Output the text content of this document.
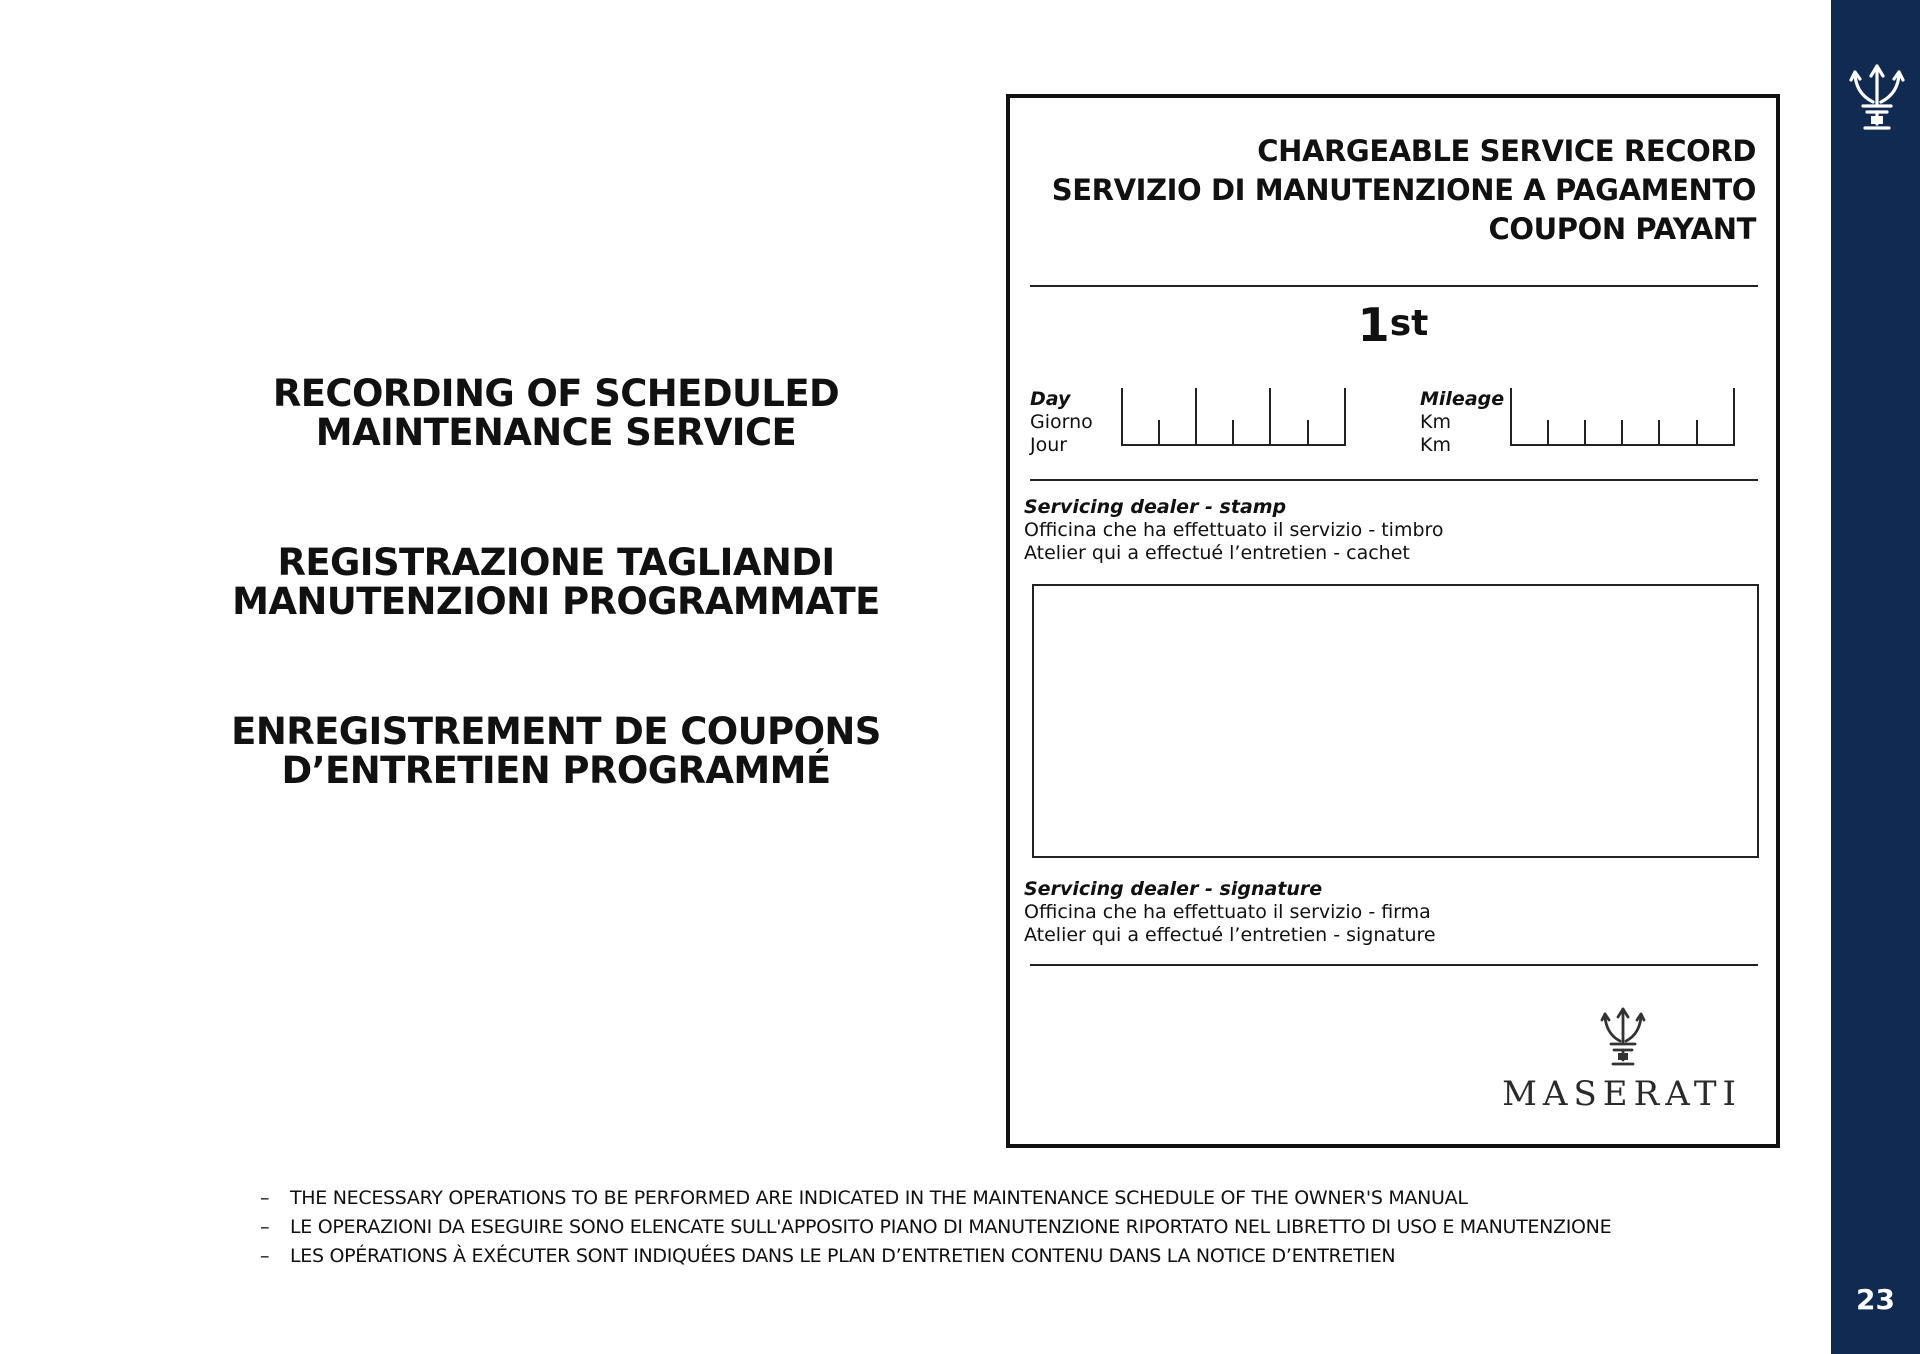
23
RECORDING OF SCHEDULED
MAINTENANCE SERVICE
REGISTRAZIONE TAGLIANDI
MANUTENZIONI PROGRAMMATE
ENREGISTREMENT DE COUPONS
D’ENTRETIEN PROGRAMMÉ
CHARGEABLE SERVICE RECORD
SERVIZIO DI MANUTENZIONE A PAGAMENTO
COUPON PAYANT
1st
Day
Giorno
Jour
Mileage
Km
Km
Servicing dealer - stamp
Officina che ha effettuato il servizio - timbro
Atelier qui a effectué l’entretien - cachet
Servicing dealer - signature
Officina che ha effettuato il servizio - firma
Atelier qui a effectué l’entretien - signature
MASERATI
– THE NECESSARY OPERATIONS TO BE PERFORMED ARE INDICATED IN THE MAINTENANCE SCHEDULE OF THE OWNER'S MANUAL
– LE OPERAZIONI DA ESEGUIRE SONO ELENCATE SULL'APPOSITO PIANO DI MANUTENZIONE RIPORTATO NEL LIBRETTO DI USO E MANUTENZIONE
– LES OPÉRATIONS À EXÉCUTER SONT INDIQUÉES DANS LE PLAN D’ENTRETIEN CONTENU DANS LA NOTICE D’ENTRETIEN
